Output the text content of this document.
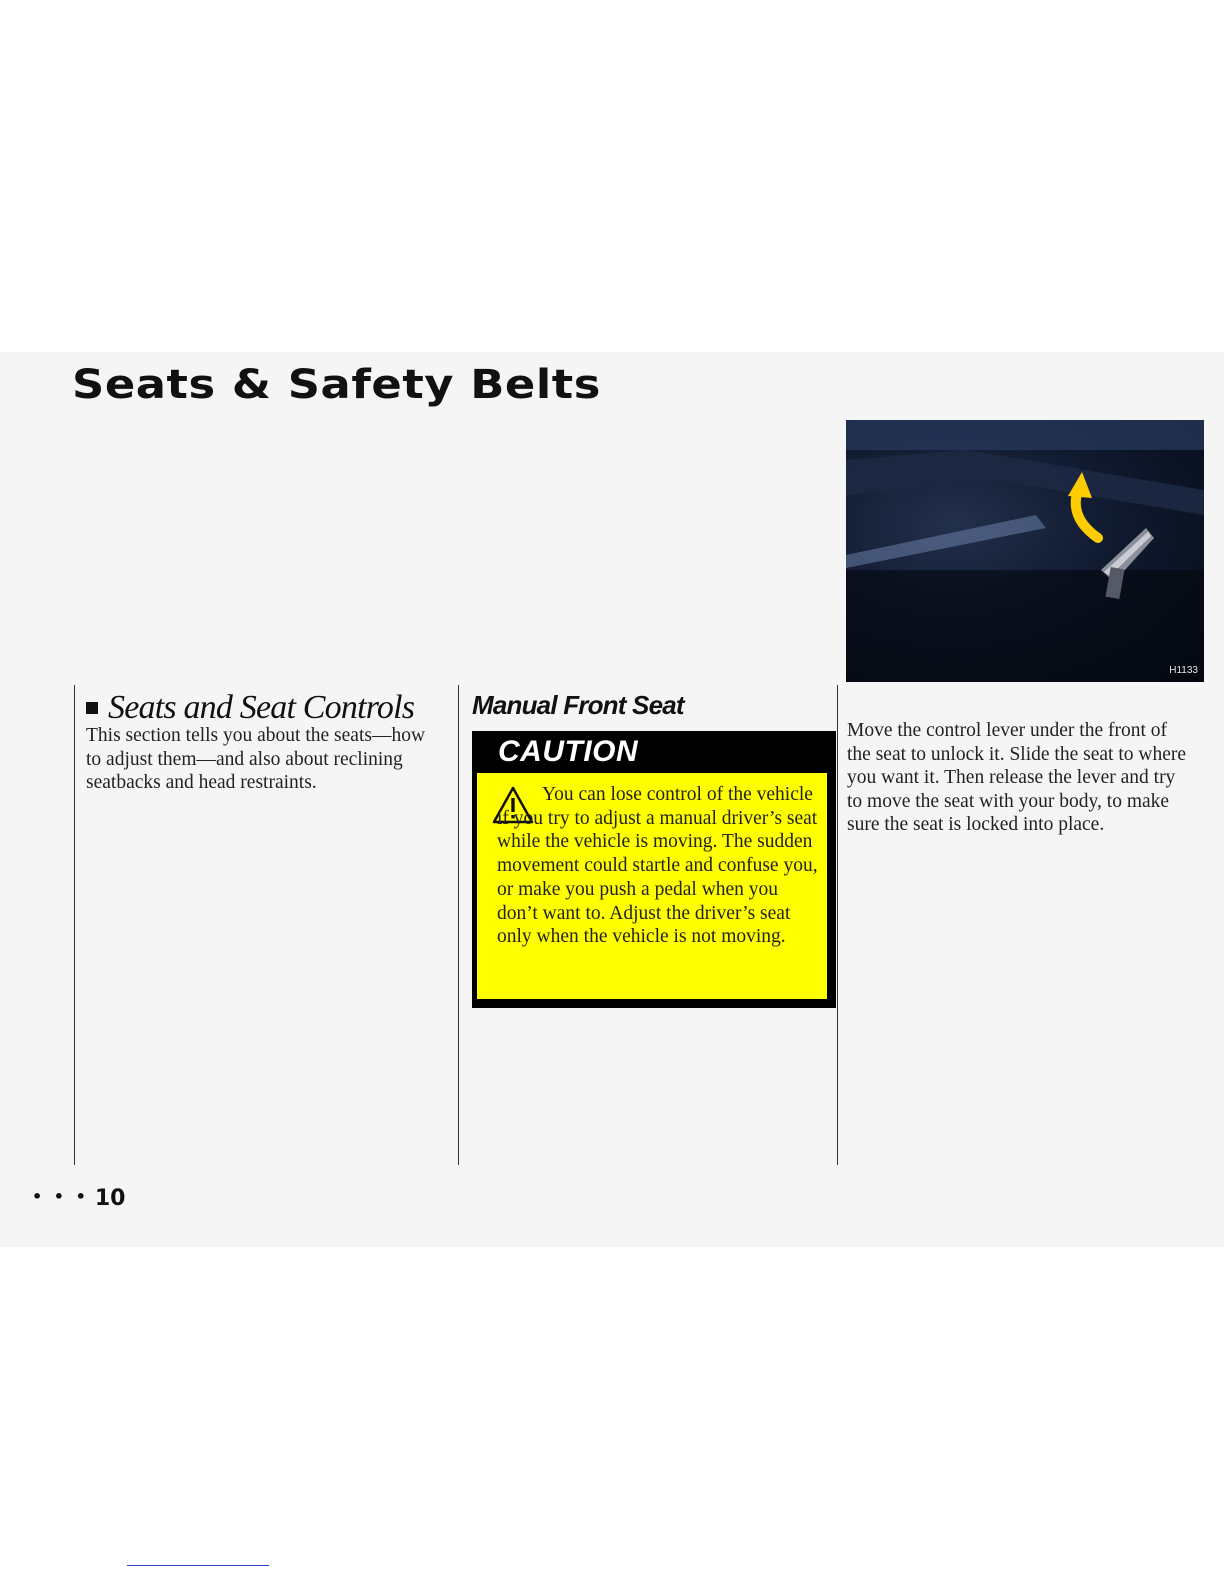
Seats & Safety Belts
H1133
Seats and Seat Controls

This section tells you about the seats—how to adjust them—and also about reclining seatbacks and head restraints.

Manual Front Seat
CAUTION

You can lose control of the vehicle if you try to adjust a manual driver’s seat while the vehicle is moving. The sudden movement could startle and confuse you, or make you push a pedal when you don’t want to. Adjust the driver’s seat only when the vehicle is not moving.

Move the control lever under the front of the seat to unlock it. Slide the seat to where you want it. Then release the lever and try to move the seat with your body, to make sure the seat is locked into place.

• • • 10
